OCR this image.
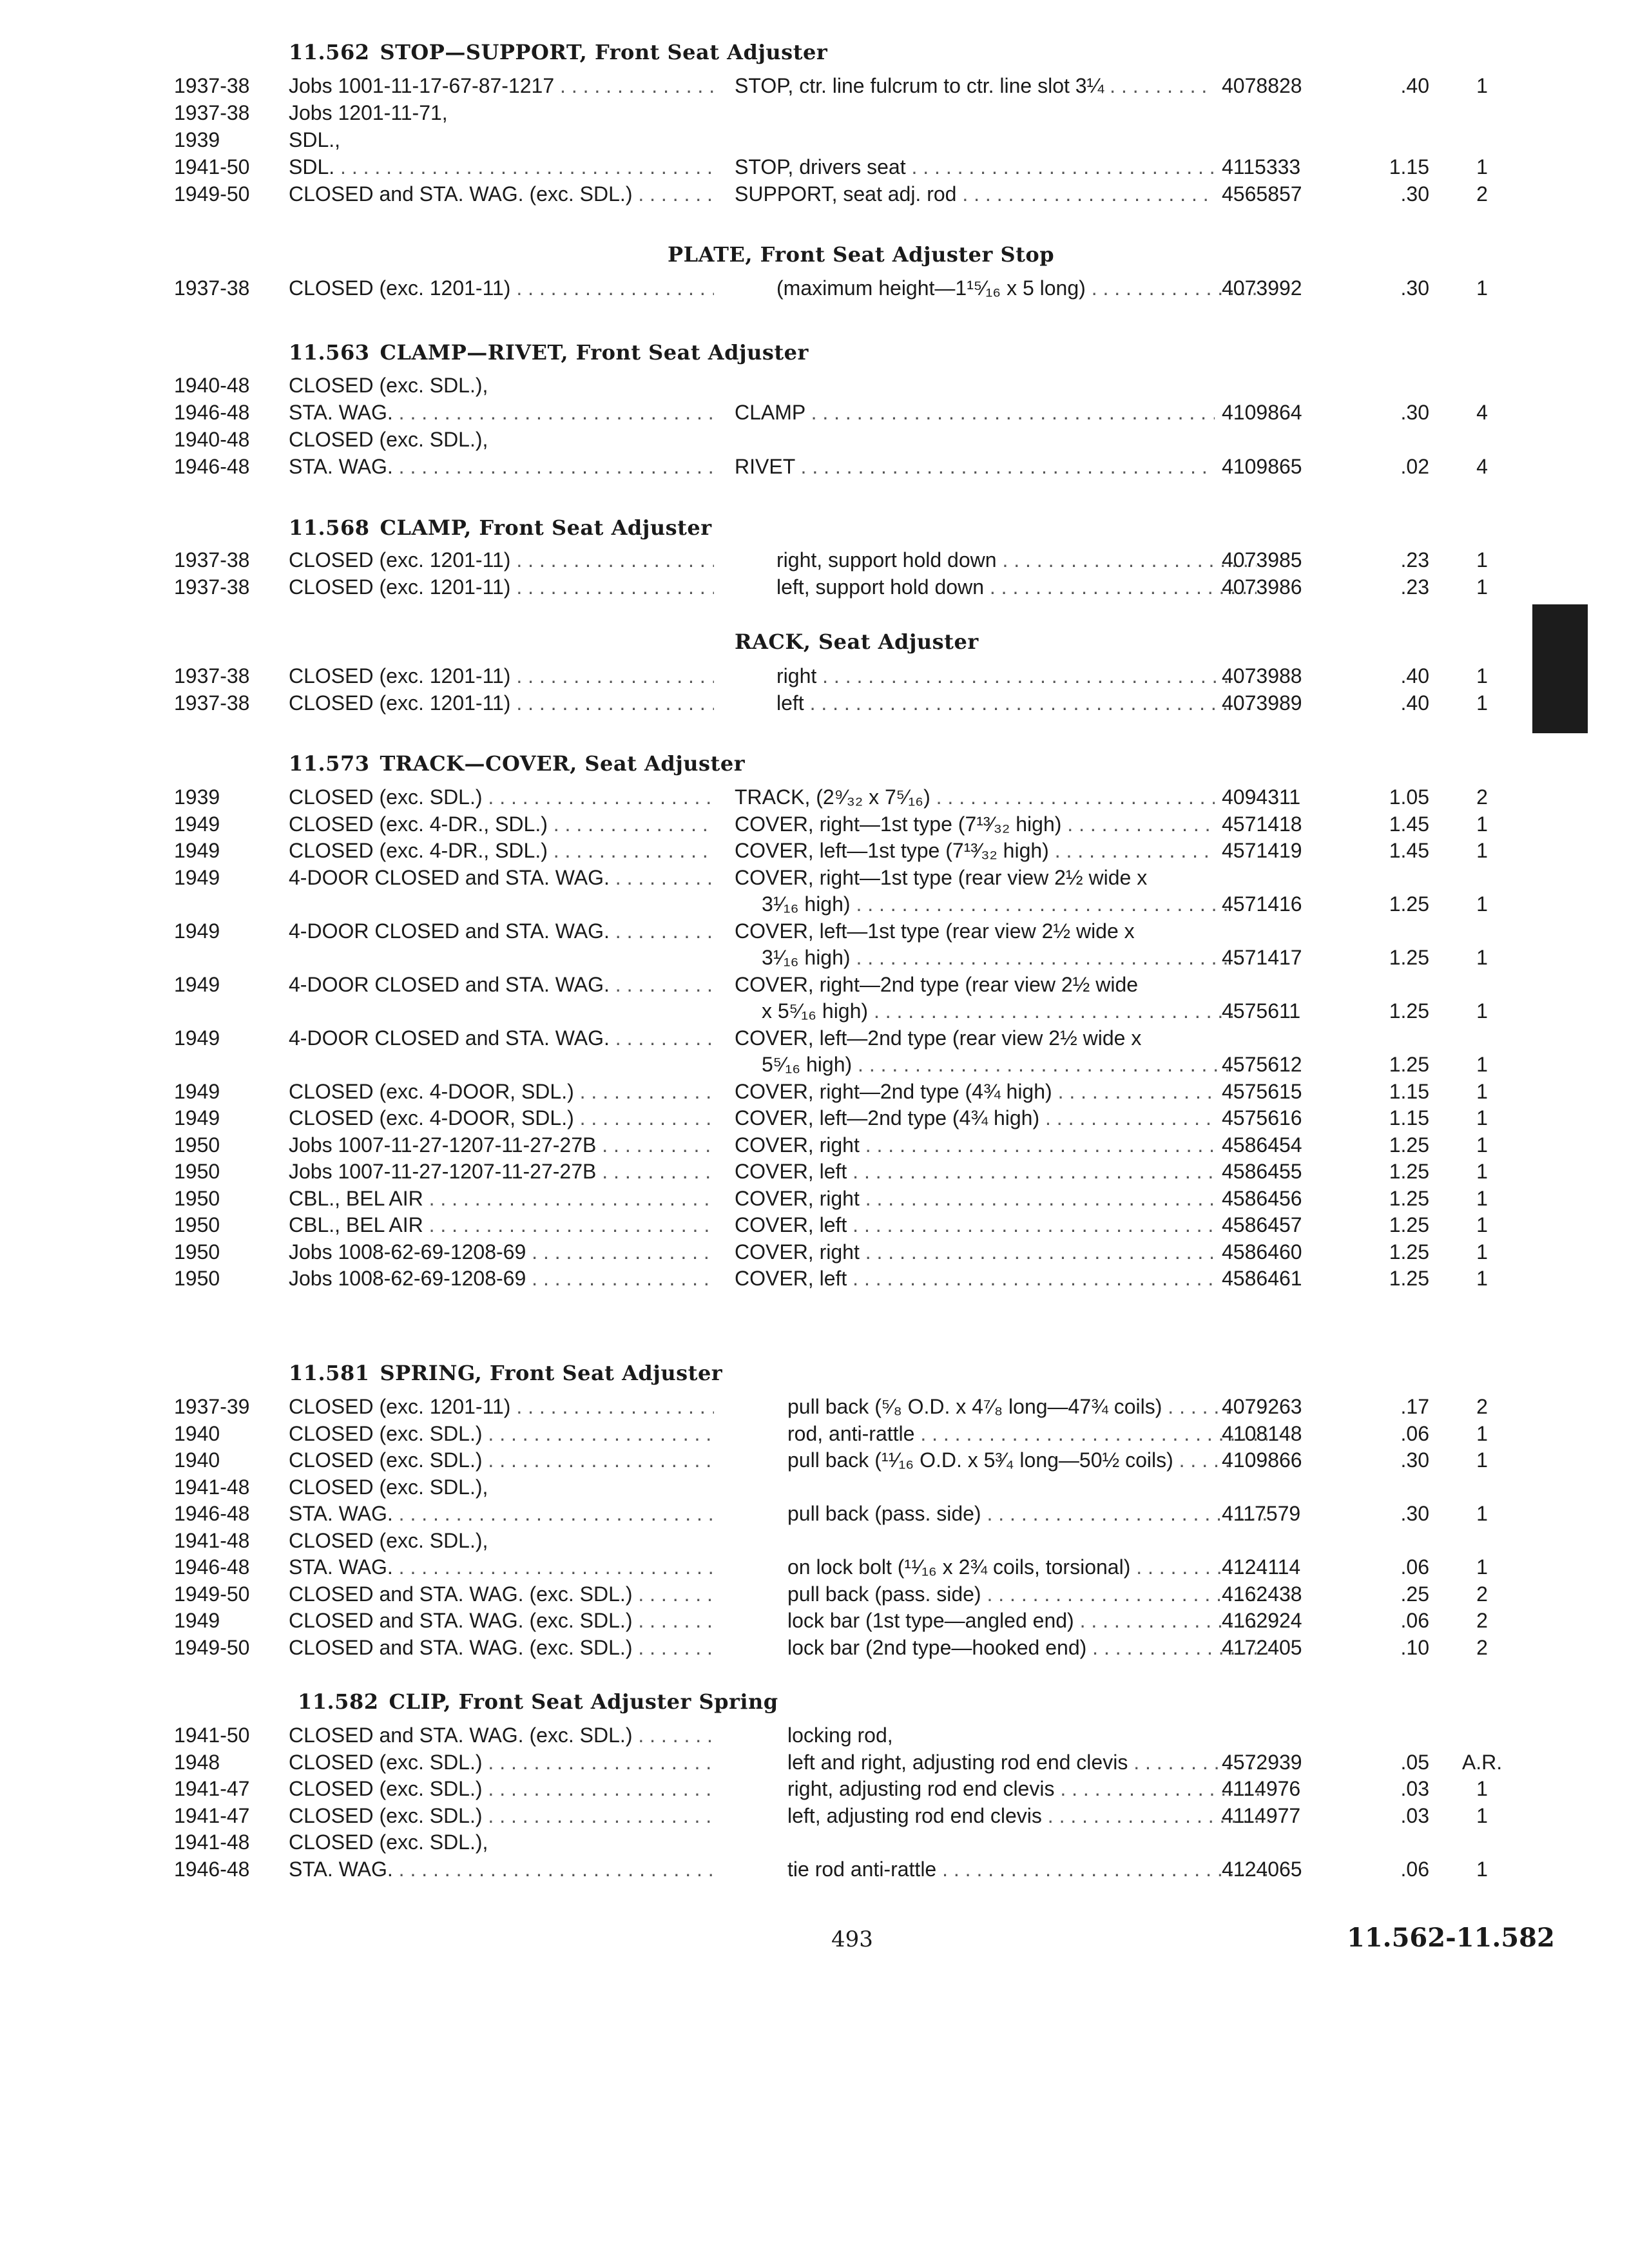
11.562 STOP—SUPPORT, Front Seat Adjuster
1937-38	Jobs 1001-11-17-67-87-1217 . . .	STOP, ctr. line fulcrum to ctr. line slot 3¼ . . .	4078828	.40	1
1937-38	Jobs 1201-11-71,
1939	SDL.,
1941-50	SDL. . . .	STOP, drivers seat . . .	4115333	1.15	1
1949-50	CLOSED and STA. WAG. (exc. SDL.) . . .	SUPPORT, seat adj. rod . . .	4565857	.30	2
PLATE, Front Seat Adjuster Stop
1937-38	CLOSED (exc. 1201-11) . . .	(maximum height—1¹⁵⁄₁₆ x 5 long) . . .	4073992	.30	1
11.563 CLAMP—RIVET, Front Seat Adjuster
1940-48	CLOSED (exc. SDL.),
1946-48	STA. WAG. . . .	CLAMP . . .	4109864	.30	4
1940-48	CLOSED (exc. SDL.),
1946-48	STA. WAG. . . .	RIVET . . .	4109865	.02	4
11.568 CLAMP, Front Seat Adjuster
1937-38	CLOSED (exc. 1201-11) . . .	right, support hold down . . .	4073985	.23	1
1937-38	CLOSED (exc. 1201-11) . . .	left, support hold down . . .	4073986	.23	1
RACK, Seat Adjuster
1937-38	CLOSED (exc. 1201-11) . . .	right . . .	4073988	.40	1
1937-38	CLOSED (exc. 1201-11) . . .	left . . .	4073989	.40	1
11.573 TRACK—COVER, Seat Adjuster
1939	CLOSED (exc. SDL.) . . .	TRACK, (2⁹⁄₃₂ x 7⁵⁄₁₆) . . .	4094311	1.05	2
1949	CLOSED (exc. 4-DR., SDL.) . . .	COVER, right—1st type (7¹³⁄₃₂ high) . . .	4571418	1.45	1
1949	CLOSED (exc. 4-DR., SDL.) . . .	COVER, left—1st type (7¹³⁄₃₂ high) . . .	4571419	1.45	1
1949	4-DOOR CLOSED and STA. WAG. . . .	COVER, right—1st type (rear view 2½ wide x
3¹⁄₁₆ high) . . .	4571416	1.25	1
1949	4-DOOR CLOSED and STA. WAG. . . .	COVER, left—1st type (rear view 2½ wide x
3¹⁄₁₆ high) . . .	4571417	1.25	1
1949	4-DOOR CLOSED and STA. WAG. . . .	COVER, right—2nd type (rear view 2½ wide
x 5⁵⁄₁₆ high) . . .	4575611	1.25	1
1949	4-DOOR CLOSED and STA. WAG. . . .	COVER, left—2nd type (rear view 2½ wide x
5⁵⁄₁₆ high) . . .	4575612	1.25	1
1949	CLOSED (exc. 4-DOOR, SDL.) . . .	COVER, right—2nd type (4¾ high) . . .	4575615	1.15	1
1949	CLOSED (exc. 4-DOOR, SDL.) . . .	COVER, left—2nd type (4¾ high) . . .	4575616	1.15	1
1950	Jobs 1007-11-27-1207-11-27-27B . . .	COVER, right . . .	4586454	1.25	1
1950	Jobs 1007-11-27-1207-11-27-27B . . .	COVER, left . . .	4586455	1.25	1
1950	CBL., BEL AIR . . .	COVER, right . . .	4586456	1.25	1
1950	CBL., BEL AIR . . .	COVER, left . . .	4586457	1.25	1
1950	Jobs 1008-62-69-1208-69 . . .	COVER, right . . .	4586460	1.25	1
1950	Jobs 1008-62-69-1208-69 . . .	COVER, left . . .	4586461	1.25	1
11.581 SPRING, Front Seat Adjuster
1937-39	CLOSED (exc. 1201-11) . . .	pull back (⁵⁄₈ O.D. x 4⁷⁄₈ long—47¾ coils) . . .	4079263	.17	2
1940	CLOSED (exc. SDL.) . . .	rod, anti-rattle . . .	4108148	.06	1
1940	CLOSED (exc. SDL.) . . .	pull back (¹¹⁄₁₆ O.D. x 5³⁄₄ long—50½ coils) . . .	4109866	.30	1
1941-48	CLOSED (exc. SDL.),
1946-48	STA. WAG. . . .	pull back (pass. side) . . .	4117579	.30	1
1941-48	CLOSED (exc. SDL.),
1946-48	STA. WAG. . . .	on lock bolt (¹¹⁄₁₆ x 2¾ coils, torsional) . . .	4124114	.06	1
1949-50	CLOSED and STA. WAG. (exc. SDL.) . . .	pull back (pass. side) . . .	4162438	.25	2
1949	CLOSED and STA. WAG. (exc. SDL.) . . .	lock bar (1st type—angled end) . . .	4162924	.06	2
1949-50	CLOSED and STA. WAG. (exc. SDL.) . . .	lock bar (2nd type—hooked end) . . .	4172405	.10	2
11.582 CLIP, Front Seat Adjuster Spring
1941-50	CLOSED and STA. WAG. (exc. SDL.) . . .	locking rod,
1948	CLOSED (exc. SDL.) . . .	left and right, adjusting rod end clevis . . .	4572939	.05	A.R.
1941-47	CLOSED (exc. SDL.) . . .	right, adjusting rod end clevis . . .	4114976	.03	1
1941-47	CLOSED (exc. SDL.) . . .	left, adjusting rod end clevis . . .	4114977	.03	1
1941-48	CLOSED (exc. SDL.),
1946-48	STA. WAG. . . .	tie rod anti-rattle . . .	4124065	.06	1
493	11.562-11.582
